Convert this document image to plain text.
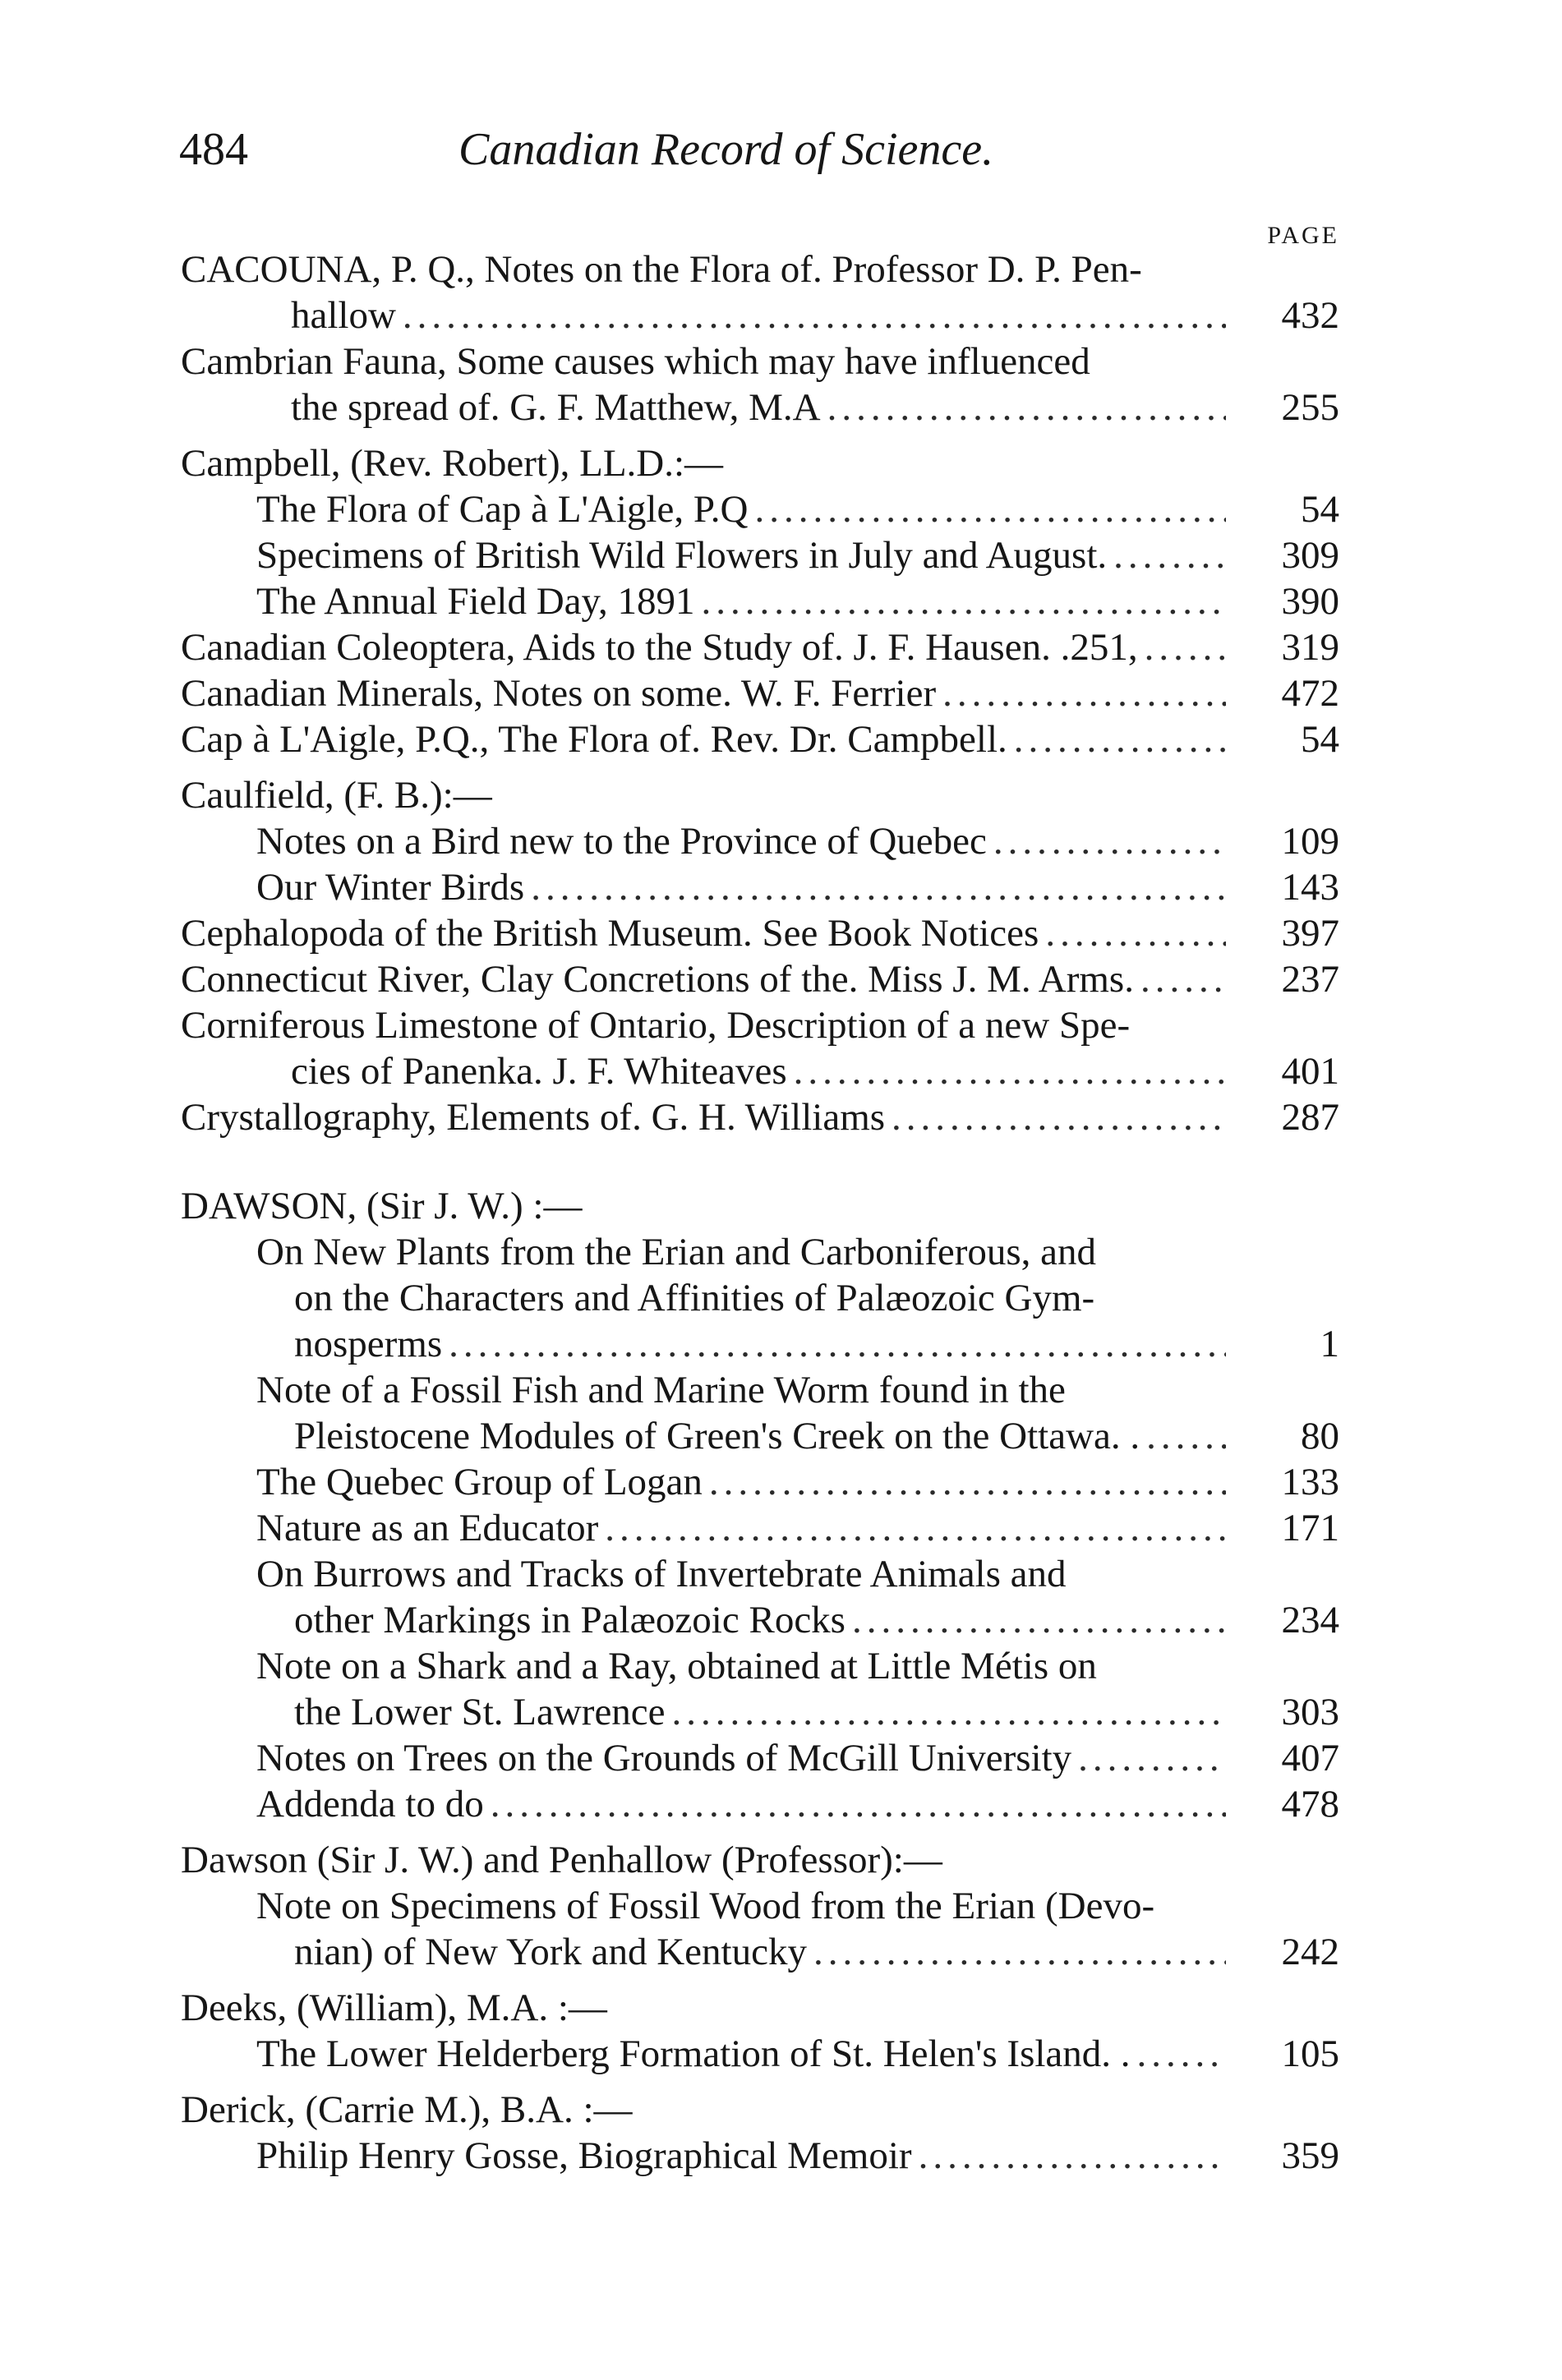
484	Canadian Record of Science.
PAGE
CACOUNA, P. Q., Notes on the Flora of. Professor D. P. Pen-
hallow .....	432
Cambrian Fauna, Some causes which may have influenced
the spread of. G. F. Matthew, M.A .....	255
Campbell, (Rev. Robert), LL.D.:—
The Flora of Cap à L'Aigle, P.Q .....	54
Specimens of British Wild Flowers in July and August. .....	309
The Annual Field Day, 1891 .....	390
Canadian Coleoptera, Aids to the Study of. J. F. Hausen. .251, .....	319
Canadian Minerals, Notes on some. W. F. Ferrier .....	472
Cap à L'Aigle, P.Q., The Flora of. Rev. Dr. Campbell. .....	54
Caulfield, (F. B.):—
Notes on a Bird new to the Province of Quebec .....	109
Our Winter Birds .....	143
Cephalopoda of the British Museum. See Book Notices .....	397
Connecticut River, Clay Concretions of the. Miss J. M. Arms. .....	237
Corniferous Limestone of Ontario, Description of a new Spe-
cies of Panenka. J. F. Whiteaves .....	401
Crystallography, Elements of. G. H. Williams .....	287
DAWSON, (Sir J. W.) :—
On New Plants from the Erian and Carboniferous, and
on the Characters and Affinities of Palæozoic Gym-
nosperms .....	1
Note of a Fossil Fish and Marine Worm found in the
Pleistocene Modules of Green's Creek on the Ottawa. . .....	80
The Quebec Group of Logan .....	133
Nature as an Educator .....	171
On Burrows and Tracks of Invertebrate Animals and
other Markings in Palæozoic Rocks .....	234
Note on a Shark and a Ray, obtained at Little Métis on
the Lower St. Lawrence .....	303
Notes on Trees on the Grounds of McGill University .....	407
Addenda to do .....	478
Dawson (Sir J. W.) and Penhallow (Professor):—
Note on Specimens of Fossil Wood from the Erian (Devo-
nian) of New York and Kentucky .....	242
Deeks, (William), M.A. :—
The Lower Helderberg Formation of St. Helen's Island. . .....	105
Derick, (Carrie M.), B.A. :—
Philip Henry Gosse, Biographical Memoir .....	359
